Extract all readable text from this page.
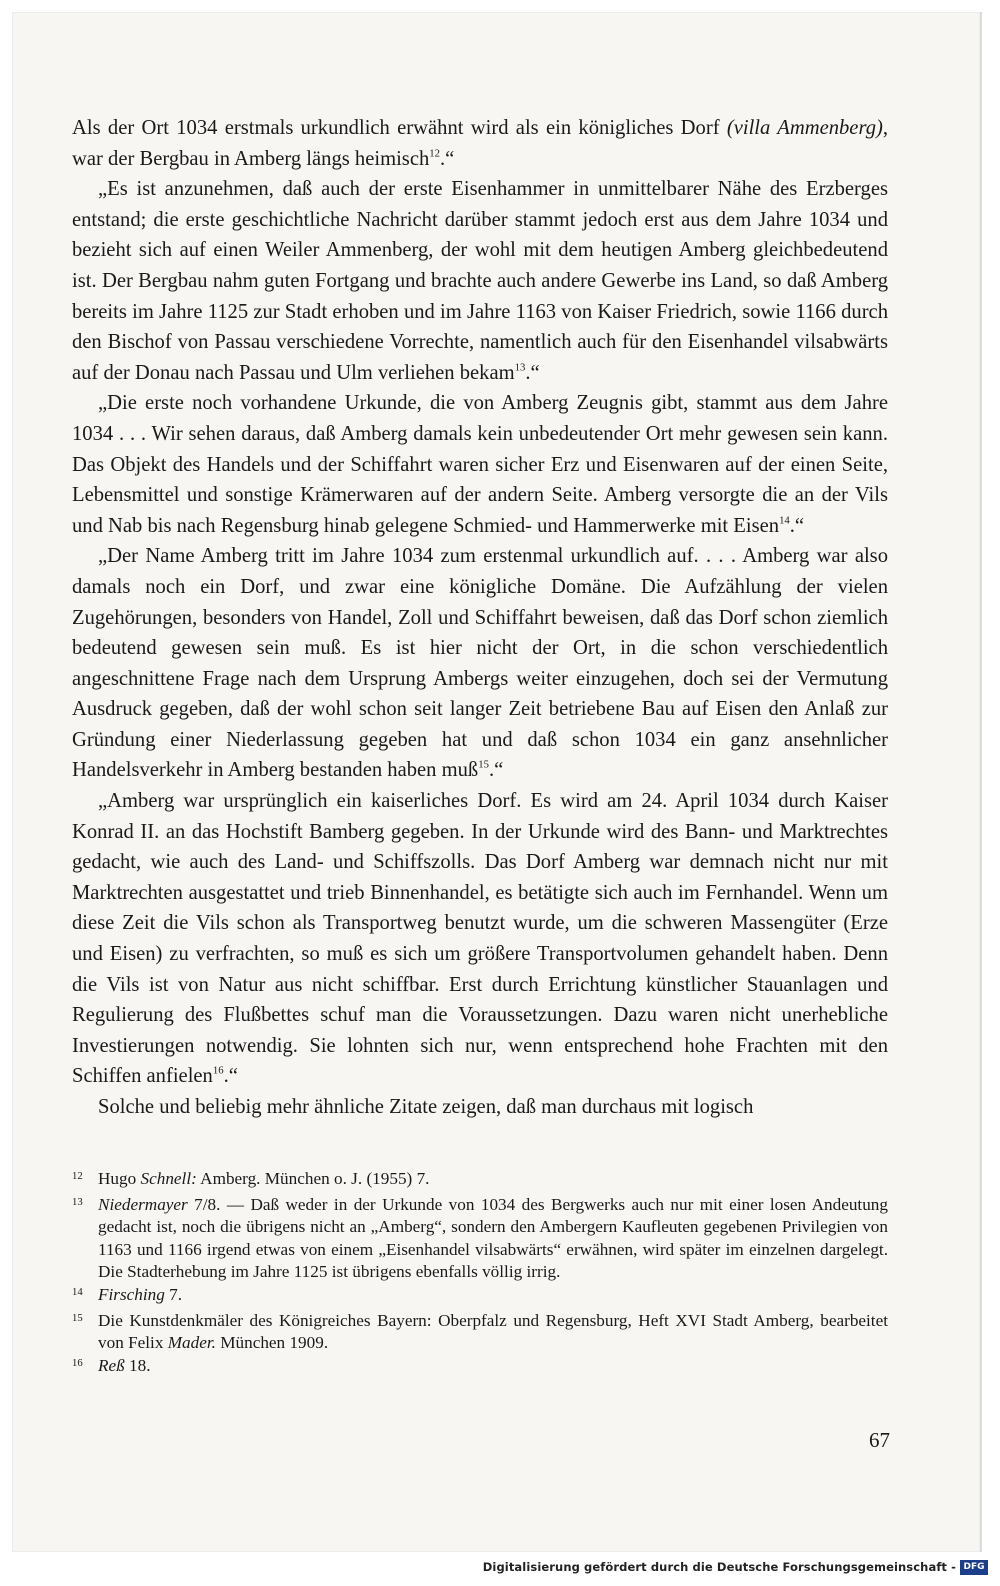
Als der Ort 1034 erstmals urkundlich erwähnt wird als ein königliches Dorf (villa Ammenberg), war der Bergbau in Amberg längs heimisch$^{12}$.“

„Es ist anzunehmen, daß auch der erste Eisenhammer in unmittelbarer Nähe des Erzberges entstand; die erste geschichtliche Nachricht darüber stammt jedoch erst aus dem Jahre 1034 und bezieht sich auf einen Weiler Ammenberg, der wohl mit dem heutigen Amberg gleichbedeutend ist. Der Bergbau nahm guten Fortgang und brachte auch andere Gewerbe ins Land, so daß Amberg bereits im Jahre 1125 zur Stadt erhoben und im Jahre 1163 von Kaiser Friedrich, sowie 1166 durch den Bischof von Passau verschiedene Vorrechte, namentlich auch für den Eisenhandel vilsabwärts auf der Donau nach Passau und Ulm verliehen bekam$^{13}$.“

„Die erste noch vorhandene Urkunde, die von Amberg Zeugnis gibt, stammt aus dem Jahre 1034 . . . Wir sehen daraus, daß Amberg damals kein unbedeutender Ort mehr gewesen sein kann. Das Objekt des Handels und der Schiffahrt waren sicher Erz und Eisenwaren auf der einen Seite, Lebensmittel und sonstige Krämerwaren auf der andern Seite. Amberg versorgte die an der Vils und Nab bis nach Regensburg hinab gelegene Schmied- und Hammerwerke mit Eisen$^{14}$.“

„Der Name Amberg tritt im Jahre 1034 zum erstenmal urkundlich auf. . . . Amberg war also damals noch ein Dorf, und zwar eine königliche Domäne. Die Aufzählung der vielen Zugehörungen, besonders von Handel, Zoll und Schiffahrt beweisen, daß das Dorf schon ziemlich bedeutend gewesen sein muß. Es ist hier nicht der Ort, in die schon verschiedentlich angeschnittene Frage nach dem Ursprung Ambergs weiter einzugehen, doch sei der Vermutung Ausdruck gegeben, daß der wohl schon seit langer Zeit betriebene Bau auf Eisen den Anlaß zur Gründung einer Niederlassung gegeben hat und daß schon 1034 ein ganz ansehnlicher Handelsverkehr in Amberg bestanden haben muß$^{15}$.“

„Amberg war ursprünglich ein kaiserliches Dorf. Es wird am 24. April 1034 durch Kaiser Konrad II. an das Hochstift Bamberg gegeben. In der Urkunde wird des Bann- und Marktrechtes gedacht, wie auch des Land- und Schiffszolls. Das Dorf Amberg war demnach nicht nur mit Marktrechten ausgestattet und trieb Binnenhandel, es betätigte sich auch im Fernhandel. Wenn um diese Zeit die Vils schon als Transportweg benutzt wurde, um die schweren Massengüter (Erze und Eisen) zu verfrachten, so muß es sich um größere Transportvolumen gehandelt haben. Denn die Vils ist von Natur aus nicht schiffbar. Erst durch Errichtung künstlicher Stauanlagen und Regulierung des Flußbettes schuf man die Voraussetzungen. Dazu waren nicht unerhebliche Investierungen notwendig. Sie lohnten sich nur, wenn entsprechend hohe Frachten mit den Schiffen anfielen$^{16}$.“

Solche und beliebig mehr ähnliche Zitate zeigen, daß man durchaus mit logisch

12 Hugo Schnell: Amberg. München o. J. (1955) 7.
13 Niedermayer 7/8. — Daß weder in der Urkunde von 1034 des Bergwerks auch nur mit einer losen Andeutung gedacht ist, noch die übrigens nicht an „Amberg“, sondern den Ambergern Kaufleuten gegebenen Privilegien von 1163 und 1166 irgend etwas von einem „Eisenhandel vilsabwärts“ erwähnen, wird später im einzelnen dargelegt. Die Stadterhebung im Jahre 1125 ist übrigens ebenfalls völlig irrig.
14 Firsching 7.
15 Die Kunstdenkmäler des Königreiches Bayern: Oberpfalz und Regensburg, Heft XVI Stadt Amberg, bearbeitet von Felix Mader. München 1909.
16 Reß 18.
67
Digitalisierung gefördert durch die Deutsche Forschungsgemeinschaft - DFG
